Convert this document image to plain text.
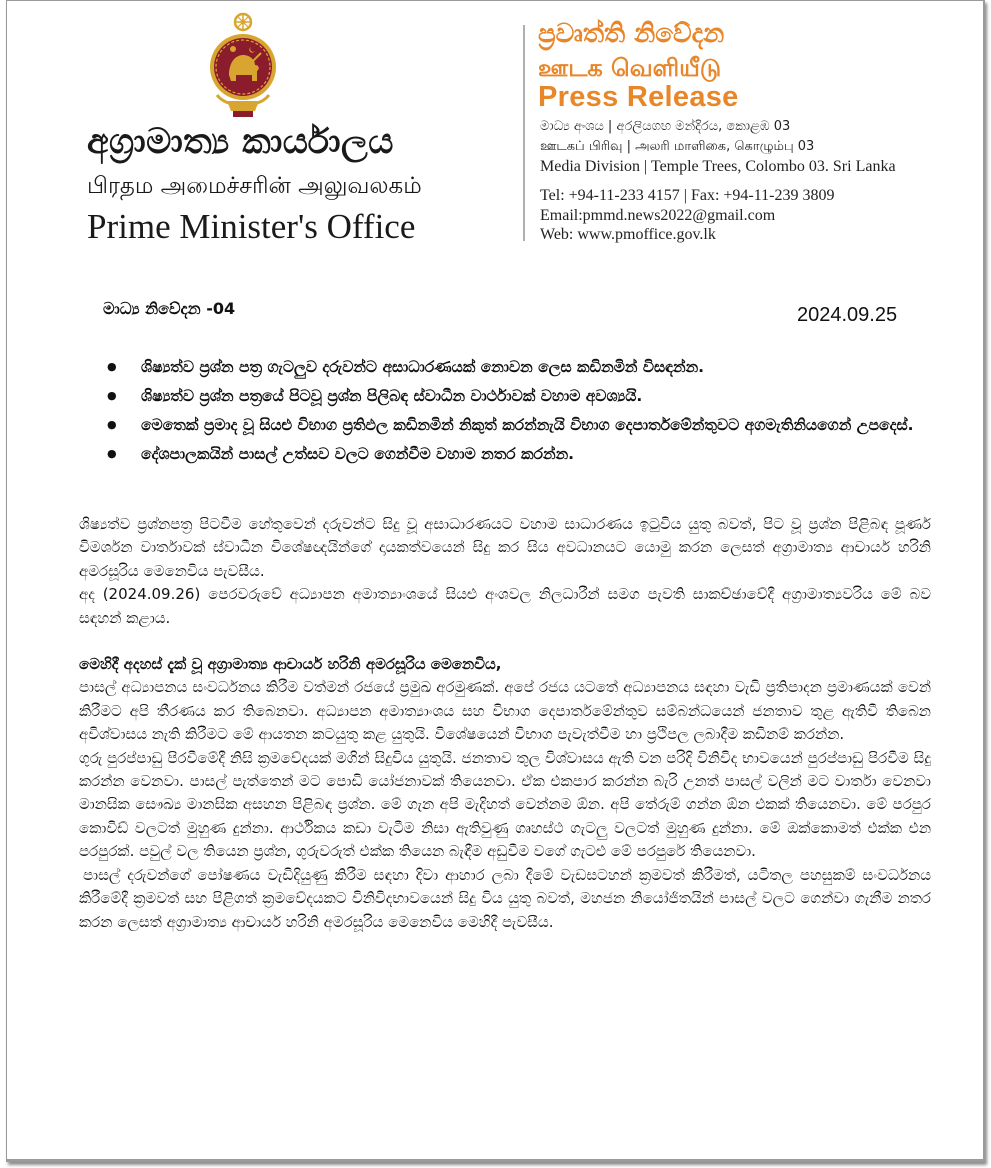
අග්‍රාමාත්‍ය කාර්යාලය
பிரதம அமைச்சரின் அலுவலகம்
Prime Minister's Office
ප්‍රවෘත්ති නිවේදන
ஊடக வெளியீடு
Press Release
මාධ්‍ය අංශය | අරලියගහ මන්දිරය, කොළඹ 03
ஊடகப் பிரிவு | அலரி மாளிகை, கொழும்பு 03
Media Division | Temple Trees, Colombo 03. Sri Lanka
Tel: +94-11-233 4157 | Fax: +94-11-239 3809
Email:pmmd.news2022@gmail.com
Web: www.pmoffice.gov.lk
මාධ්‍ය නිවේදන -04	2024.09.25
● ශිෂ්‍යත්ව ප්‍රශ්න පත්‍ර ගැටලුව දරුවන්ට අසාධාරණයක් නොවන ලෙස කඩිනමින් විසඳන්න.
● ශිෂ්‍යත්ව ප්‍රශ්න පත්‍රයේ පිටවූ ප්‍රශ්න පිලිබඳ ස්වාධීන වාර්ථාවක් වහාම අවශ්‍යයි.
● මෙතෙක් ප්‍රමාද වූ සියළු විභාග ප්‍රතිඵල කඩිනමින් නිකුත් කරන්නැයි විභාග දෙපාර්තමේන්තුවට අගමැතිනියගෙන් උපදෙස්.
● දේශපාලකයින් පාසල් උත්සව වලට ගෙන්වීම වහාම නතර කරන්න.

ශිෂ්‍යත්ව ප්‍රශ්නපත්‍ර පිටවීම හේතුවෙන් දරුවන්ට සිදු වූ අසාධාරණයට වහාම සාධාරණය ඉටුවිය යුතු බවත්, පිට වූ ප්‍රශ්න පිළිබඳ පූර්ණ විමර්ශන වාර්තාවක් ස්වාධීන විශේෂඥයින්ගේ දායකත්වයෙන් සිදු කර සිය අවධානයට යොමු කරන ලෙසත් අග්‍රාමාත්‍ය ආචාර්ය හරිනි අමරසූරිය මෙනෙවිය පැවසීය.

අද (2024.09.26) පෙරවරුවේ අධ්‍යාපන අමාත්‍යාංශයේ සියළු අංශවල නිලධාරීන් සමග පැවති සාකච්ඡාවේදී අග්‍රාමාත්‍යවරිය මේ බව සඳහන් කළාය.

මෙහිදී අදහස් දැක් වූ අග්‍රාමාත්‍ය ආචාර්ය හරිනි අමරසූරිය මෙනෙවිය,

පාසල් අධ්‍යාපනය සංවර්ධනය කිරීම වත්මන් රජයේ ප්‍රමුඛ අරමුණක්. අපේ රජය යටතේ අධ්‍යාපනය සඳහා වැඩි ප්‍රතිපාදන ප්‍රමාණයක් වෙන් කිරීමට අපි තීරණය කර තිබෙනවා. අධ්‍යාපන අමාත්‍යාංශය සහ විභාග දෙපාර්තමේන්තුව සම්බන්ධයෙන් ජනතාව තුළ ඇතිවී තිබෙන අවිශ්වාසය නැති කිරීමට මේ ආයතන කටයුතු කළ යුතුයි. විශේෂයෙන් විභාග පැවැත්වීම හා ප්‍රථිපල ලබාදීම කඩිනම් කරන්න.

ගුරු පුරප්පාඩු පිරවීමේදී නිසි ක්‍රමවේදයක් මගින් සිදුවිය යුතුයි. ජනතාව තුල විශ්වාසය ඇති වන පරිදි විනිවිද භාවයෙන් පුරප්පාඩු පිරවීම සිදු කරන්න වෙනවා. පාසල් පැත්තෙන් මට පොඩි යෝජනාවක් තියෙනවා. ඒක එකපාර කරන්න බැරි උනත් පාසල් වලින් මට වාර්තා වෙනවා මානසික සෞඛ්‍ය මානසික අසහන පිළිබඳ ප්‍රශ්න. මේ ගැන අපි මැදිහත් වෙන්නම ඕන. අපි තේරුම් ගන්න ඕන එකක් තියෙනවා. මේ පරපුර කොවිඩ් වලටත් මුහුණ දුන්නා. ආර්ථිකය කඩා වැටීම නිසා ඇතිවුණු ගෘහස්ථ ගැටලු වලටත් මුහුණ දුන්නා. මේ ඔක්කොමත් එක්ක එන පරපුරක්. පවුල් වල තියෙන ප්‍රශ්න, ගුරුවරුත් එක්ක තියෙන බැඳීම අඩුවීම වගේ ගැටළු මේ පරපුරේ තියෙනවා.

පාසල් දරුවන්ගේ පෝෂණය වැඩිදියුණු කිරීම සඳහා දිවා ආහාර ලබා දීමේ වැඩසටහන් ක්‍රමවත් කිරීමත්, යටිතල පහසුකම් සංවර්ධනය කිරීමේදී ක්‍රමවත් සහ පිළිගත් ක්‍රමවේදයකට විනිවිදභාවයෙන් සිදු විය යුතු බවත්, මහජන නියෝජිතයින් පාසල් වලට ගෙන්වා ගැනීම නතර කරන ලෙසත් අග්‍රාමාත්‍ය ආචාර්ය හරිනි අමරසූරිය මෙනෙවිය මෙහිදී පැවසීය.
